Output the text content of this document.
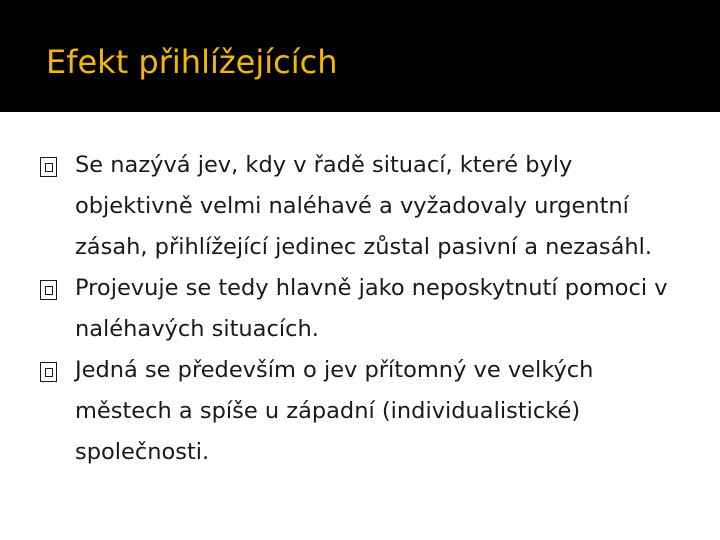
Efekt přihlížejících

Se nazývá jev, kdy v řadě situací, které byly objektivně velmi naléhavé a vyžadovaly urgentní zásah, přihlížející jedinec zůstal pasivní a nezasáhl.

Projevuje se tedy hlavně jako neposkytnutí pomoci v naléhavých situacích.

Jedná se především o jev přítomný ve velkých městech a spíše u západní (individualistické) společnosti.
